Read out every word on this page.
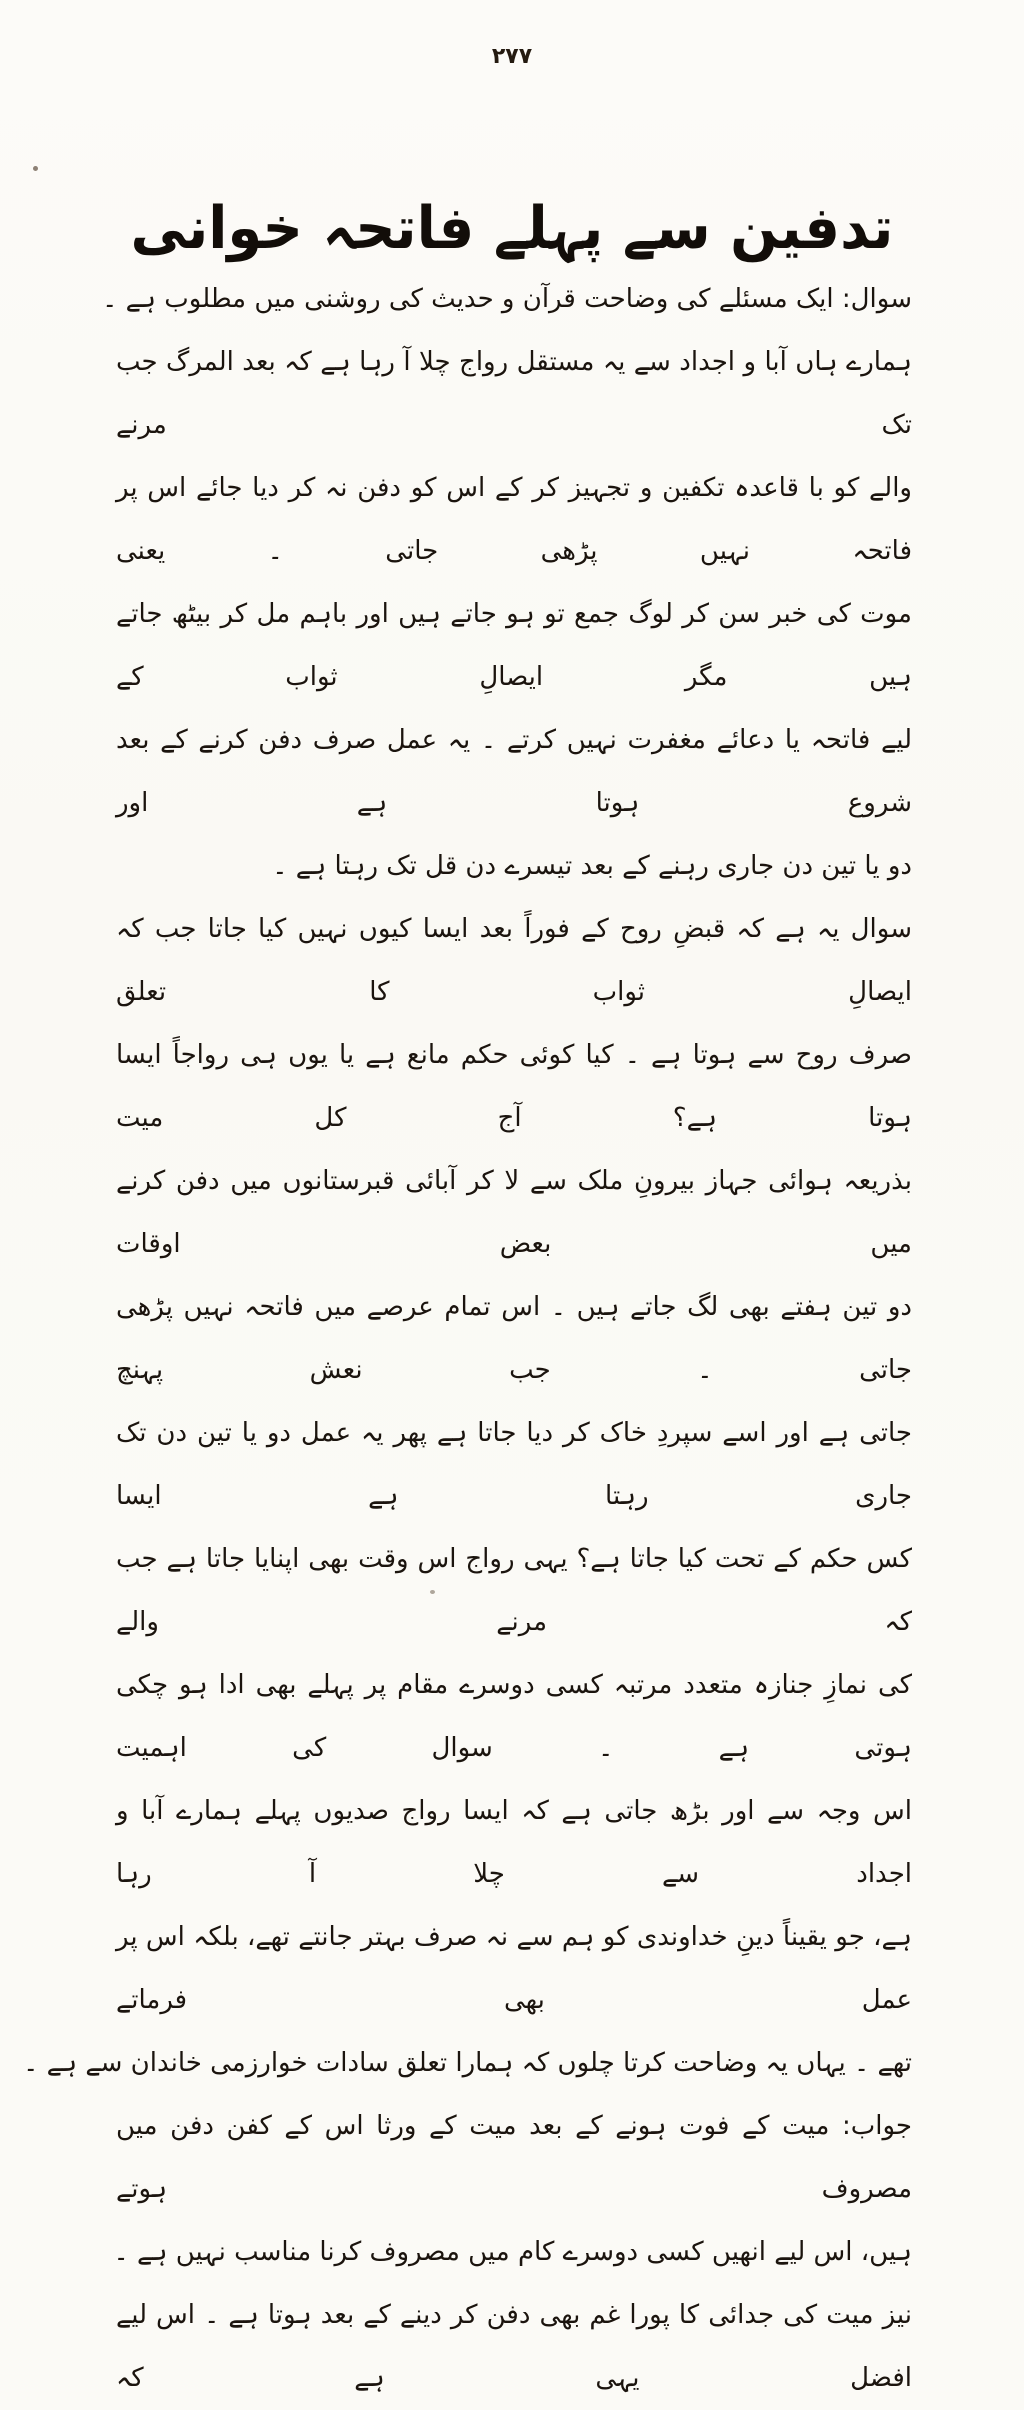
۲۷۷
تدفین سے پہلے فاتحہ خوانی
سوال: ایک مسئلے کی وضاحت قرآن و حدیث کی روشنی میں مطلوب ہے ۔
ہمارے ہاں آبا و اجداد سے یہ مستقل رواج چلا آ رہا ہے کہ بعد المرگ جب تک مرنے
والے کو با قاعدہ تکفین و تجہیز کر کے اس کو دفن نہ کر دیا جائے اس پر فاتحہ نہیں پڑھی جاتی ۔ یعنی
موت کی خبر سن کر لوگ جمع تو ہو جاتے ہیں اور باہم مل کر بیٹھ جاتے ہیں مگر ایصالِ ثواب کے
لیے فاتحہ یا دعائے مغفرت نہیں کرتے ۔ یہ عمل صرف دفن کرنے کے بعد شروع ہوتا ہے اور
دو یا تین دن جاری رہنے کے بعد تیسرے دن قل تک رہتا ہے ۔
سوال یہ ہے کہ قبضِ روح کے فوراً بعد ایسا کیوں نہیں کیا جاتا جب کہ ایصالِ ثواب کا تعلق
صرف روح سے ہوتا ہے ۔ کیا کوئی حکم مانع ہے یا یوں ہی رواجاً ایسا ہوتا ہے؟ آج کل میت
بذریعہ ہوائی جہاز بیرونِ ملک سے لا کر آبائی قبرستانوں میں دفن کرنے میں بعض اوقات
دو تین ہفتے بھی لگ جاتے ہیں ۔ اس تمام عرصے میں فاتحہ نہیں پڑھی جاتی ۔ جب نعش پہنچ
جاتی ہے اور اسے سپردِ خاک کر دیا جاتا ہے پھر یہ عمل دو یا تین دن تک جاری رہتا ہے ایسا
کس حکم کے تحت کیا جاتا ہے؟ یہی رواج اس وقت بھی اپنایا جاتا ہے جب کہ مرنے والے
کی نمازِ جنازہ متعدد مرتبہ کسی دوسرے مقام پر پہلے بھی ادا ہو چکی ہوتی ہے ۔ سوال کی اہمیت
اس وجہ سے اور بڑھ جاتی ہے کہ ایسا رواج صدیوں پہلے ہمارے آبا و اجداد سے چلا آ رہا
ہے، جو یقیناً دینِ خداوندی کو ہم سے نہ صرف بہتر جانتے تھے، بلکہ اس پر عمل بھی فرماتے
تھے ۔ یہاں یہ وضاحت کرتا چلوں کہ ہمارا تعلق سادات خوارزمی خاندان سے ہے ۔
جواب: میت کے فوت ہونے کے بعد میت کے ورثا اس کے کفن دفن میں مصروف ہوتے
ہیں، اس لیے انھیں کسی دوسرے کام میں مصروف کرنا مناسب نہیں ہے ۔
نیز میت کی جدائی کا پورا غم بھی دفن کر دینے کے بعد ہوتا ہے ۔ اس لیے افضل یہی ہے کہ
